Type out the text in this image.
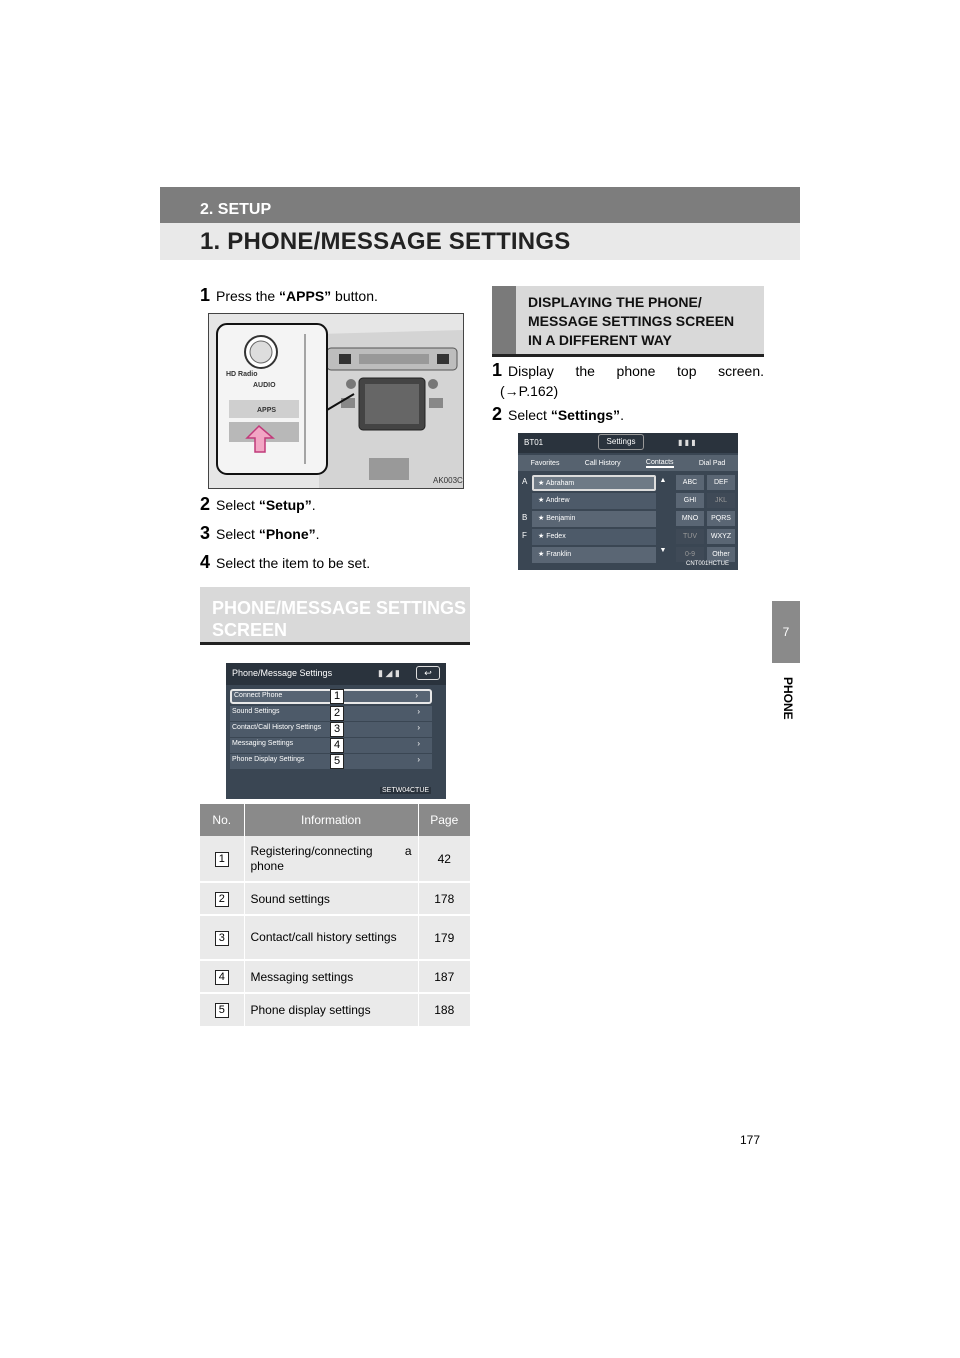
2. SETUP
1. PHONE/MESSAGE SETTINGS
7
PHONE
1 Press the “APPS” button.
HD Radio
AUDIO
APPS
AK003C
2 Select “Setup”.
3 Select “Phone”.
4 Select the item to be set.
PHONE/MESSAGE SETTINGS
SCREEN
Phone/Message Settings	▮ ◢ ▮	↩
Connect Phone	›
Sound Settings	›
Contact/Call History Settings	›
Messaging Settings	›
Phone Display Settings	›
1
2
3
4
5
SETW04CTUE
No.	Information	Page
1	Registering/connecting a phone	42
2	Sound settings	178
3	Contact/call history settings	179
4	Messaging settings	187
5	Phone display settings	188
DISPLAYING THE PHONE/
MESSAGE SETTINGS SCREEN
IN A DIFFERENT WAY
1 Display the phone top screen.
(→P.162)
2 Select “Settings”.
BT01	Settings	▮ ▮ ▮
Favorites	Call History	Contacts	Dial Pad
A
B
F
★ Abraham
★ Andrew
★ Benjamin
★ Fedex
★ Franklin
▲
▼
ABC	DEF
GHI	JKL
MNO	PQRS
TUV	WXYZ
0-9	Other
CNT001HCTUE
177
